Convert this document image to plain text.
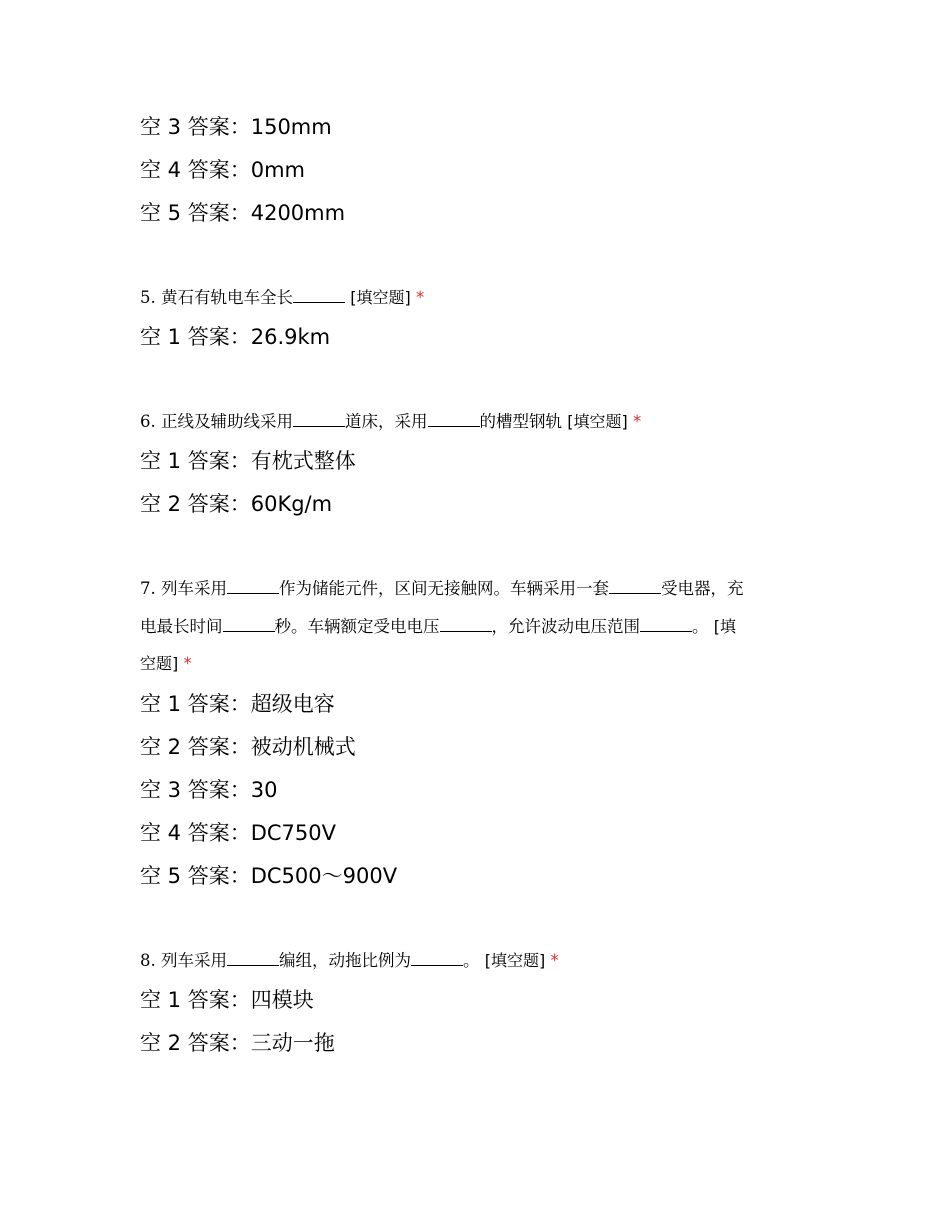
空 3 答案：150mm
空 4 答案：0mm
空 5 答案：4200mm
5. 黄石有轨电车全长	[填空题] *
空 1 答案：26.9km
6. 正线及辅助线采用	道床，采用	的槽型钢轨 [填空题] *
空 1 答案：有枕式整体
空 2 答案：60Kg/m
7. 列车采用	作为储能元件，区间无接触网。车辆采用一套	受电器，充
电最长时间	秒。车辆额定受电电压	，允许波动电压范围	。 [填
空题] *
空 1 答案：超级电容
空 2 答案：被动机械式
空 3 答案：30
空 4 答案：DC750V
空 5 答案：DC500～900V
8. 列车采用	编组，动拖比例为	。 [填空题] *
空 1 答案：四模块
空 2 答案：三动一拖
